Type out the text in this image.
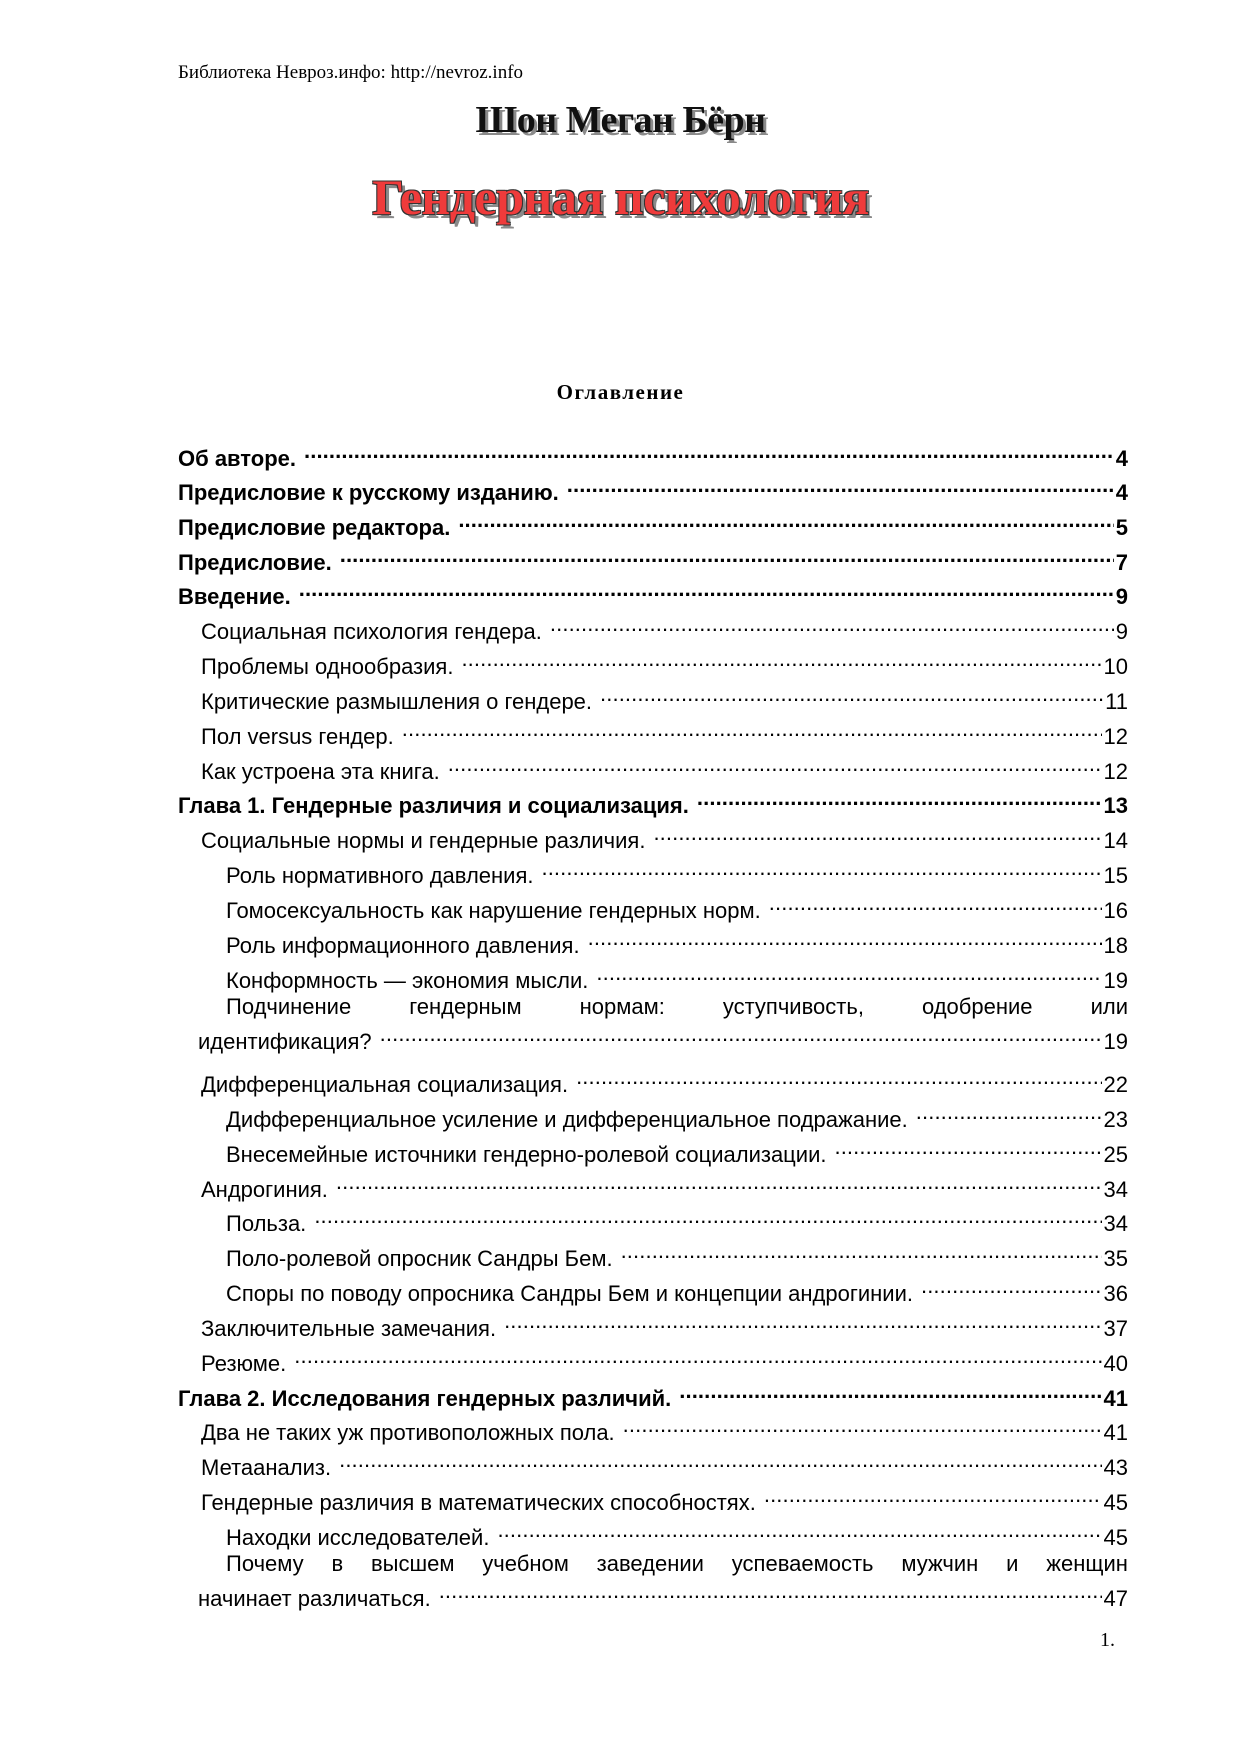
Библиотека Невроз.инфо: http://nevroz.info
Шон Меган Бёрн
Гендерная психология
Оглавление
Об авторе. . . .	4
Предисловие к русскому изданию. . . .	4
Предисловие редактора. . . .	5
Предисловие. . . .	7
Введение. . . .	9
Социальная психология гендера. . . .	9
Проблемы однообразия. . . .	10
Критические размышления о гендере. . . .	11
Пол versus гендер. . . .	12
Как устроена эта книга. . . .	12
Глава 1. Гендерные различия и социализация. . . .	13
Социальные нормы и гендерные различия. . . .	14
Роль нормативного давления. . . .	15
Гомосексуальность как нарушение гендерных норм. . . .	16
Роль информационного давления. . . .	18
Конформность — экономия мысли. . . .	19
Подчинение	гендерным	нормам:	уступчивость,	одобрение	или
идентификация? . . .	19
Дифференциальная социализация. . . .	22
Дифференциальное усиление и дифференциальное подражание. . . .	23
Внесемейные источники гендерно-ролевой социализации. . . .	25
Андрогиния. . . .	34
Польза. . . .	34
Поло-ролевой опросник Сандры Бем. . . .	35
Споры по поводу опросника Сандры Бем и концепции андрогинии. . . .	36
Заключительные замечания. . . .	37
Резюме. . . .	40
Глава 2. Исследования гендерных различий. . . .	41
Два не таких уж противоположных пола. . . .	41
Метаанализ. . . .	43
Гендерные различия в математических способностях. . . .	45
Находки исследователей. . . .	45
Почему в высшем учебном заведении успеваемость мужчин и женщин
начинает различаться. . . .	47
1.
